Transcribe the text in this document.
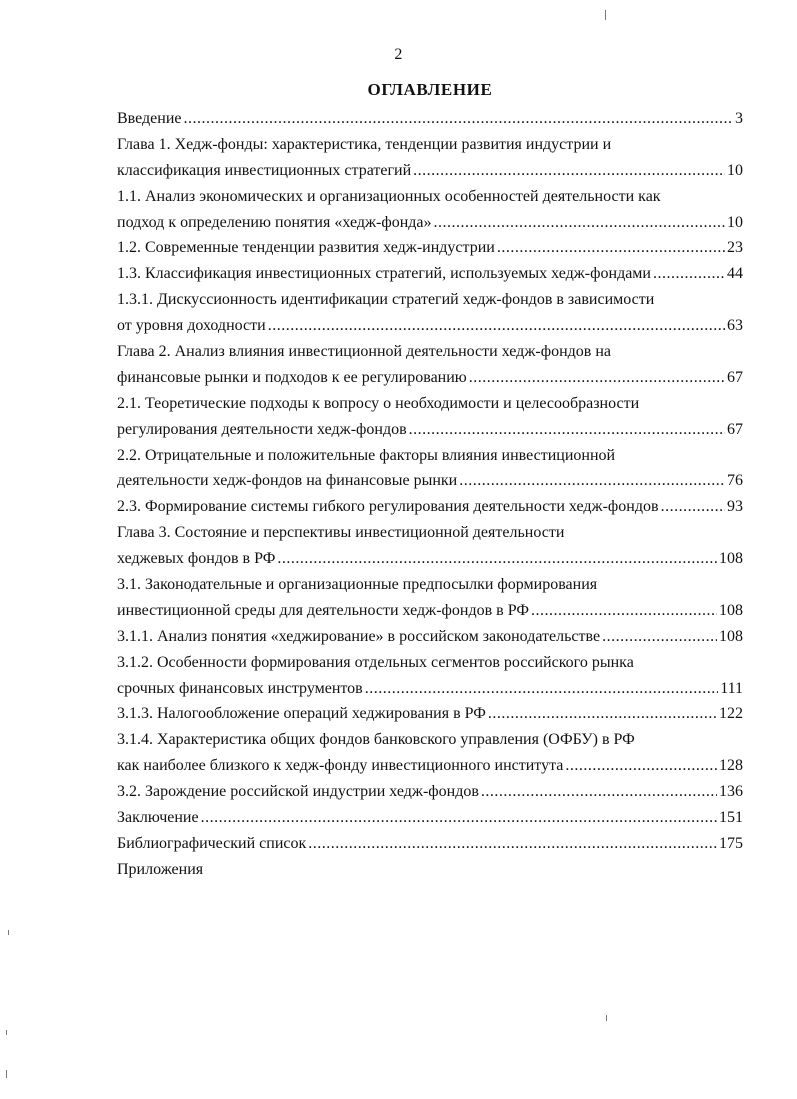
2
ОГЛАВЛЕНИЕ
Введение .....	3
Глава 1. Хедж-фонды: характеристика, тенденции развития индустрии и
классификация инвестиционных стратегий .....	10
1.1. Анализ экономических и организационных особенностей деятельности как
подход к определению понятия «хедж-фонда» .....	10
1.2. Современные тенденции развития хедж-индустрии .....	23
1.3. Классификация инвестиционных стратегий, используемых хедж-фондами .....	44
1.3.1. Дискуссионность идентификации стратегий хедж-фондов в зависимости
от уровня доходности .....	63
Глава 2. Анализ влияния инвестиционной деятельности хедж-фондов на
финансовые рынки и подходов к ее регулированию .....	67
2.1. Теоретические подходы к вопросу о необходимости и целесообразности
регулирования деятельности хедж-фондов .....	67
2.2. Отрицательные и положительные факторы влияния инвестиционной
деятельности хедж-фондов на финансовые рынки .....	76
2.3. Формирование системы гибкого регулирования деятельности хедж-фондов .....	93
Глава 3. Состояние и перспективы инвестиционной деятельности
хеджевых фондов в РФ .....	108
3.1. Законодательные и организационные предпосылки формирования
инвестиционной среды для деятельности хедж-фондов в РФ .....	108
3.1.1. Анализ понятия «хеджирование» в российском законодательстве .....	108
3.1.2. Особенности формирования отдельных сегментов российского рынка
срочных финансовых инструментов .....	111
3.1.3. Налогообложение операций хеджирования в РФ .....	122
3.1.4. Характеристика общих фондов банковского управления (ОФБУ) в РФ
как наиболее близкого к хедж-фонду инвестиционного института .....	128
3.2. Зарождение российской индустрии хедж-фондов .....	136
Заключение .....	151
Библиографический список .....	175
Приложения
